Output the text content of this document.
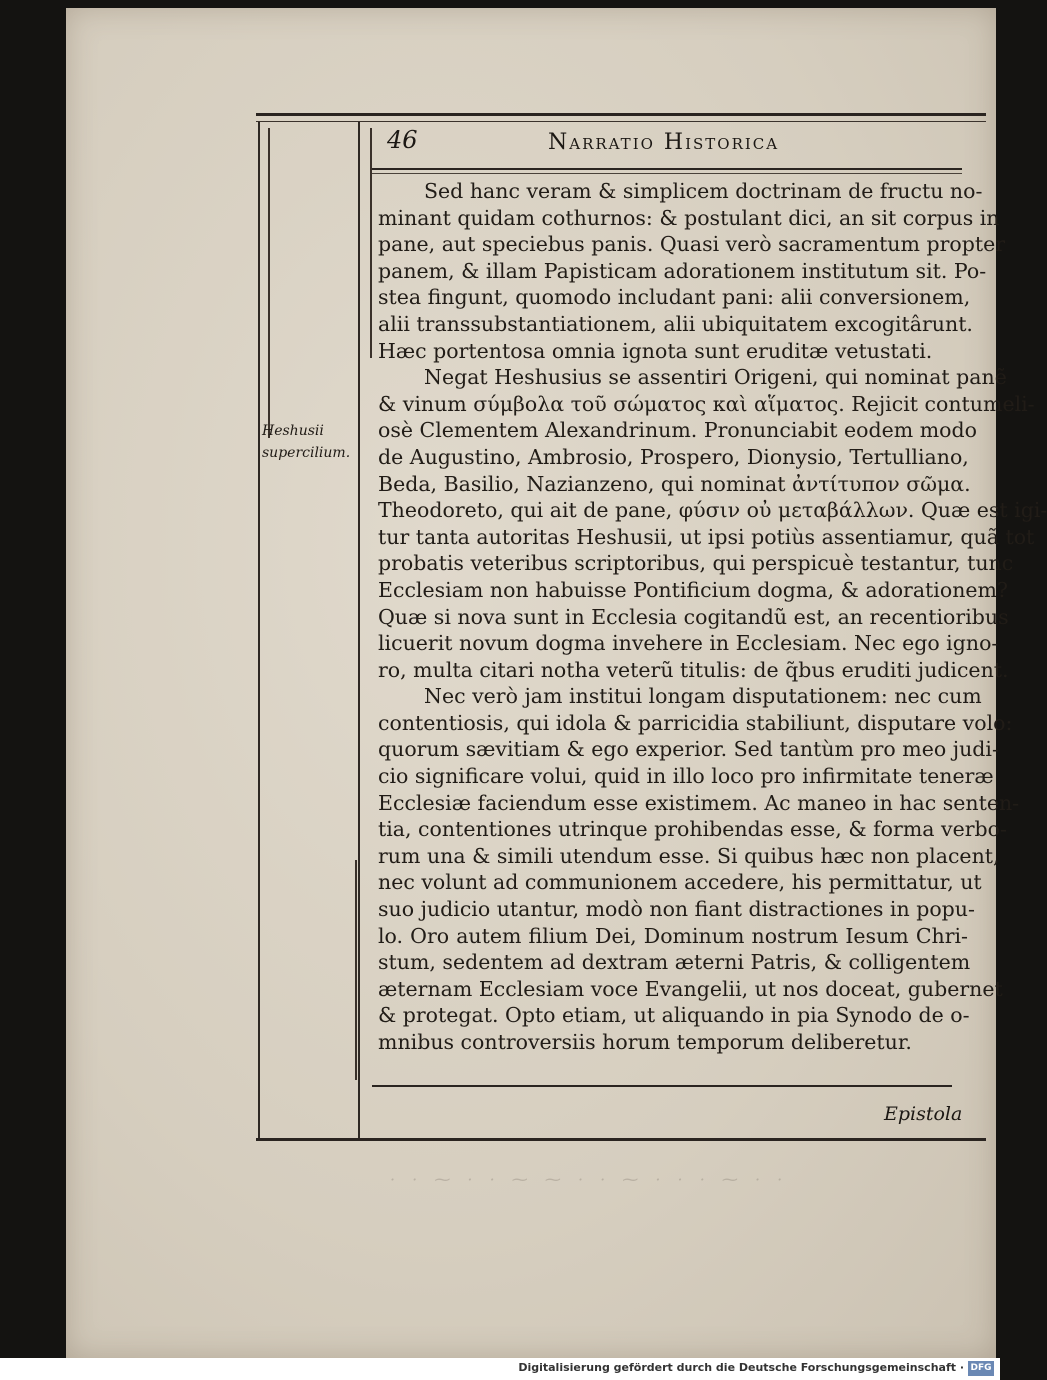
46	Narratio Historica
Heshusii supercilium.
Sed hanc veram & simplicem doctrinam de fructu no-
minant quidam cothurnos: & postulant dici, an sit corpus in
pane, aut speciebus panis. Quasi verò sacramentum propter
panem, & illam Papisticam adorationem institutum sit. Po-
stea fingunt, quomodo includant pani: alii conversionem,
alii transsubstantiationem, alii ubiquitatem excogitârunt.
Hæc portentosa omnia ignota sunt eruditæ vetustati.
Negat Heshusius se assentiri Origeni, qui nominat panẽ
& vinum σύμβολα τοῦ σώματος καὶ αἵματος. Rejicit contumeli-
osè Clementem Alexandrinum. Pronunciabit eodem modo
de Augustino, Ambrosio, Prospero, Dionysio, Tertulliano,
Beda, Basilio, Nazianzeno, qui nominat ἀντίτυπον σῶμα.
Theodoreto, qui ait de pane, φύσιν οὐ μεταβάλλων. Quæ est igi-
tur tanta autoritas Heshusii, ut ipsi potiùs assentiamur, quã tot
probatis veteribus scriptoribus, qui perspicuè testantur, tunc
Ecclesiam non habuisse Pontificium dogma, & adorationem?
Quæ si nova sunt in Ecclesia cogitandũ est, an recentioribus
licuerit novum dogma invehere in Ecclesiam. Nec ego igno-
ro, multa citari notha veterũ titulis: de q̃bus eruditi judicent.
Nec verò jam institui longam disputationem: nec cum
contentiosis, qui idola & parricidia stabiliunt, disputare volo:
quorum sævitiam & ego experior. Sed tantùm pro meo judi-
cio significare volui, quid in illo loco pro infirmitate teneræ
Ecclesiæ faciendum esse existimem. Ac maneo in hac senten-
tia, contentiones utrinque prohibendas esse, & forma verbo-
rum una & simili utendum esse. Si quibus hæc non placent,
nec volunt ad communionem accedere, his permittatur, ut
suo judicio utantur, modò non fiant distractiones in popu-
lo. Oro autem filium Dei, Dominum nostrum Iesum Chri-
stum, sedentem ad dextram æterni Patris, & colligentem
æternam Ecclesiam voce Evangelii, ut nos doceat, gubernet
& protegat. Opto etiam, ut aliquando in pia Synodo de o-
mnibus controversiis horum temporum deliberetur.
Epistola
· · ⁓ · · ⁓ ⁓ · · ⁓ · · · ⁓ · ·
Digitalisierung gefördert durch die Deutsche Forschungsgemeinschaft · DFG
